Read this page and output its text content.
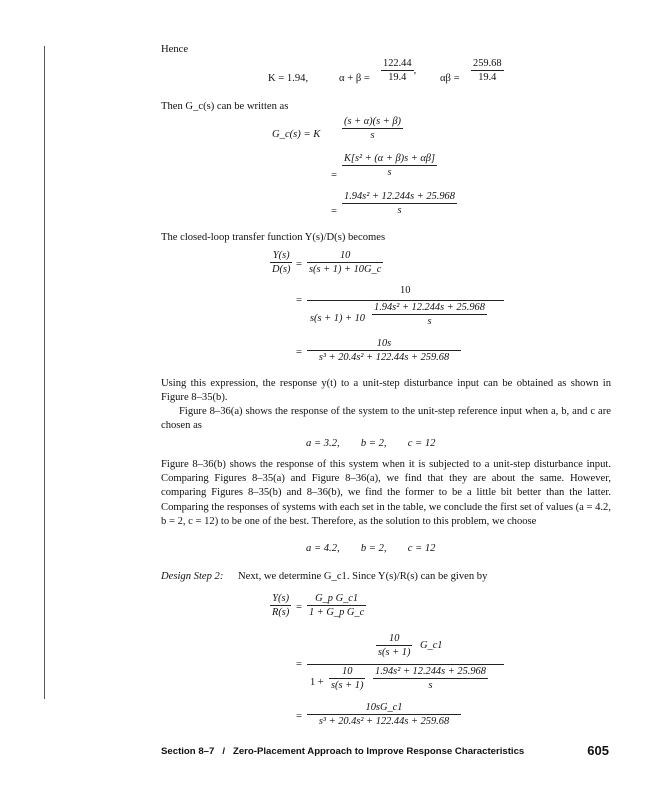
Hence
K = 1.94,	$\alpha + \beta = \frac{122.44}{19.4}$ ,
$\alpha\beta = \frac{259.68}{19.4}$
Then G_c(s) can be written as
G_c(s) = K $\frac{(s + \alpha)(s + \beta)}{s}$
= $\frac{\text{K[s² + (α + β)s + αβ]}}{s}$
= $\frac{\text{1.94s² + 12.244s + 25.968}}{s}$
The closed-loop transfer function Y(s)/D(s) becomes
$\frac{Y(s)}{D(s)} = \frac{10}{s(s + 1) + 10G\_c}$
=
10
$s(s + 1) + 10 \frac{\text{1.94s² + 12.244s + 25.968}}{s}$
= $\frac{10s}{\text{s³ + 20.4s² + 122.44s + 259.68}}$
Using this expression, the response y(t) to a unit-step disturbance input can be obtained as shown in Figure 8–35(b).
Figure 8–36(a) shows the response of the system to the unit-step reference input when a, b, and c are chosen as
a = 3.2,        b = 2,        c = 12
Figure 8–36(b) shows the response of this system when it is subjected to a unit-step disturbance input. Comparing Figures 8–35(a) and Figure 8–36(a), we find that they are about the same. However, comparing Figures 8–35(b) and 8–36(b), we find the former to be a little bit better than the latter. Comparing the responses of systems with each set in the table, we conclude the first set of values (a = 4.2, b = 2, c = 12) to be one of the best. Therefore, as the solution to this problem, we choose
a = 4.2,        b = 2,        c = 12
Design Step 2: Next, we determine G_c1. Since Y(s)/R(s) can be given by
$\frac{Y(s)}{R(s)} = \frac{\text{G\_p G\_c1}}{\text{1 + G\_p G\_c}}$
$\frac{10}{s(s + 1)}$ G_c1
=
$1 + \frac{10}{s(s + 1)} \frac{\text{1.94s² + 12.244s + 25.968}}{s}$
= $\frac{10sG\_c1}{\text{s³ + 20.4s² + 122.44s + 259.68}}$
Section 8–7   /   Zero-Placement Approach to Improve Response Characteristics	605
